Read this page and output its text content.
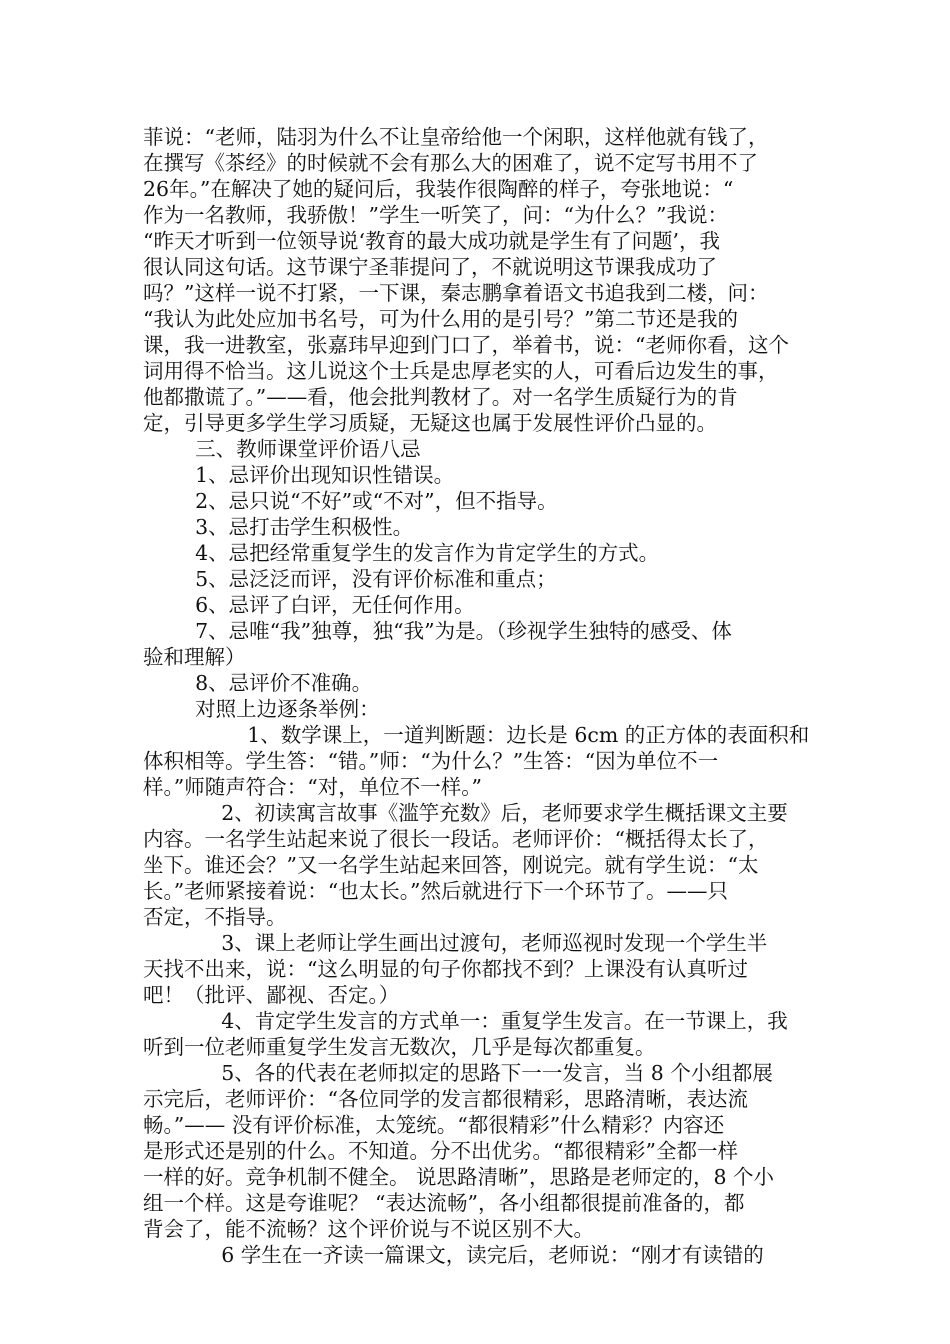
菲说：“老师，陆羽为什么不让皇帝给他一个闲职，这样他就有钱了，
在撰写《茶经》的时候就不会有那么大的困难了，说不定写书用不了
26年。”在解决了她的疑问后，我装作很陶醉的样子，夸张地说：“
作为一名教师，我骄傲！”学生一听笑了，问：“为什么？”我说：
“昨天才听到一位领导说‘教育的最大成功就是学生有了问题’，我
很认同这句话。这节课宁圣菲提问了，不就说明这节课我成功了
吗？”这样一说不打紧，一下课，秦志鹏拿着语文书追我到二楼，问：
“我认为此处应加书名号，可为什么用的是引号？”第二节还是我的
课，我一进教室，张嘉玮早迎到门口了，举着书，说：“老师你看，这个
词用得不恰当。这儿说这个士兵是忠厚老实的人，可看后边发生的事，
他都撒谎了。”——看，他会批判教材了。对一名学生质疑行为的肯
定，引导更多学生学习质疑，无疑这也属于发展性评价凸显的。
三、教师课堂评价语八忌
1、忌评价出现知识性错误。
2、忌只说“不好”或“不对”，但不指导。
3、忌打击学生积极性。
4、忌把经常重复学生的发言作为肯定学生的方式。
5、忌泛泛而评，没有评价标准和重点；
6、忌评了白评，无任何作用。
7、忌唯“我”独尊，独“我”为是。（珍视学生独特的感受、体
验和理解）
8、忌评价不准确。
对照上边逐条举例：
1、数学课上，一道判断题：边长是 6cm 的正方体的表面积和
体积相等。学生答：“错。”师：“为什么？”生答：“因为单位不一
样。”师随声符合：“对，单位不一样。”
2、初读寓言故事《滥竽充数》后，老师要求学生概括课文主要
内容。一名学生站起来说了很长一段话。老师评价：“概括得太长了，
坐下。谁还会？”又一名学生站起来回答，刚说完。就有学生说：“太
长。”老师紧接着说：“也太长。”然后就进行下一个环节了。——只
否定，不指导。
3、课上老师让学生画出过渡句，老师巡视时发现一个学生半
天找不出来，说：“这么明显的句子你都找不到？上课没有认真听过
吧！（批评、鄙视、否定。）
4、肯定学生发言的方式单一：重复学生发言。在一节课上，我
听到一位老师重复学生发言无数次，几乎是每次都重复。
5、各的代表在老师拟定的思路下一一发言，当 8 个小组都展
示完后，老师评价：“各位同学的发言都很精彩，思路清晰，表达流
畅。”—— 没有评价标准，太笼统。“都很精彩”什么精彩？内容还
是形式还是别的什么。不知道。分不出优劣。“都很精彩”全都一样
一样的好。竞争机制不健全。 说思路清晰”，思路是老师定的，8 个小
组一个样。这是夸谁呢？ “表达流畅”，各小组都很提前准备的，都
背会了，能不流畅？这个评价说与不说区别不大。
6 学生在一齐读一篇课文，读完后，老师说：“刚才有读错的
